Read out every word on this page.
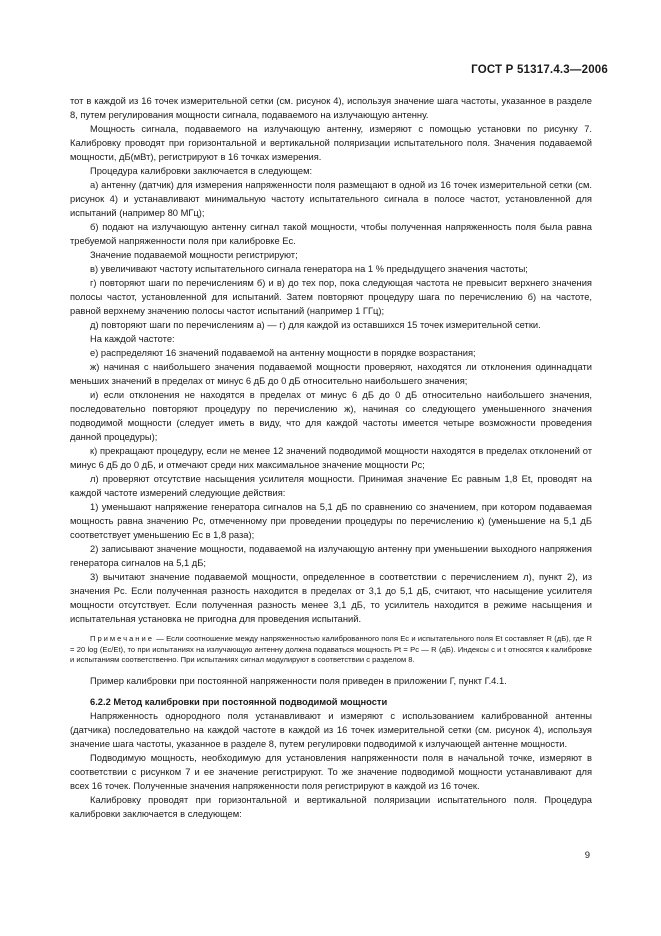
ГОСТ Р 51317.4.3—2006

тот в каждой из 16 точек измерительной сетки (см. рисунок 4), используя значение шага частоты, указанное в разделе 8, путем регулирования мощности сигнала, подаваемого на излучающую антенну.

Мощность сигнала, подаваемого на излучающую антенну, измеряют с помощью установки по рисунку 7. Калибровку проводят при горизонтальной и вертикальной поляризации испытательного поля. Значения подаваемой мощности, дБ(мВт), регистрируют в 16 точках измерения.

Процедура калибровки заключается в следующем:

а) антенну (датчик) для измерения напряженности поля размещают в одной из 16 точек измерительной сетки (см. рисунок 4) и устанавливают минимальную частоту испытательного сигнала в полосе частот, установленной для испытаний (например 80 МГц);

б) подают на излучающую антенну сигнал такой мощности, чтобы полученная напряженность поля была равна требуемой напряженности поля при калибровке Eс.

Значение подаваемой мощности регистрируют;

в) увеличивают частоту испытательного сигнала генератора на 1 % предыдущего значения частоты;

г) повторяют шаги по перечислениям б) и в) до тех пор, пока следующая частота не превысит верхнего значения полосы частот, установленной для испытаний. Затем повторяют процедуру шага по перечислению б) на частоте, равной верхнему значению полосы частот испытаний (например 1 ГГц);

д) повторяют шаги по перечислениям а) — г) для каждой из оставшихся 15 точек измерительной сетки.

На каждой частоте:

е) распределяют 16 значений подаваемой на антенну мощности в порядке возрастания;

ж) начиная с наибольшего значения подаваемой мощности проверяют, находятся ли отклонения одиннадцати меньших значений в пределах от минус 6 дБ до 0 дБ относительно наибольшего значения;

и) если отклонения не находятся в пределах от минус 6 дБ до 0 дБ относительно наибольшего значения, последовательно повторяют процедуру по перечислению ж), начиная со следующего уменьшенного значения подводимой мощности (следует иметь в виду, что для каждой частоты имеется четыре возможности проведения данной процедуры);

к) прекращают процедуру, если не менее 12 значений подводимой мощности находятся в пределах отклонений от минус 6 дБ до 0 дБ, и отмечают среди них максимальное значение мощности Pс;

л) проверяют отсутствие насыщения усилителя мощности. Принимая значение Eс равным 1,8 Et, проводят на каждой частоте измерений следующие действия:

1) уменьшают напряжение генератора сигналов на 5,1 дБ по сравнению со значением, при котором подаваемая мощность равна значению Pс, отмеченному при проведении процедуры по перечислению к) (уменьшение на 5,1 дБ соответствует уменьшению Eс в 1,8 раза);

2) записывают значение мощности, подаваемой на излучающую антенну при уменьшении выходного напряжения генератора сигналов на 5,1 дБ;

3) вычитают значение подаваемой мощности, определенное в соответствии с перечислением л), пункт 2), из значения Pс. Если полученная разность находится в пределах от 3,1 до 5,1 дБ, считают, что насыщение усилителя мощности отсутствует. Если полученная разность менее 3,1 дБ, то усилитель находится в режиме насыщения и испытательная установка не пригодна для проведения испытаний.

Примечание — Если соотношение между напряженностью калиброванного поля Eс и испытательного поля Et составляет R (дБ), где R = 20 log (Eс/Et), то при испытаниях на излучающую антенну должна подаваться мощность Pt = Pс — R (дБ). Индексы c и t относятся к калибровке и испытаниям соответственно. При испытаниях сигнал модулируют в соответствии с разделом 8.

Пример калибровки при постоянной напряженности поля приведен в приложении Г, пункт Г.4.1.

6.2.2 Метод калибровки при постоянной подводимой мощности

Напряженность однородного поля устанавливают и измеряют с использованием калиброванной антенны (датчика) последовательно на каждой частоте в каждой из 16 точек измерительной сетки (см. рисунок 4), используя значение шага частоты, указанное в разделе 8, путем регулировки подводимой к излучающей антенне мощности.

Подводимую мощность, необходимую для установления напряженности поля в начальной точке, измеряют в соответствии с рисунком 7 и ее значение регистрируют. То же значение подводимой мощности устанавливают для всех 16 точек. Полученные значения напряженности поля регистрируют в каждой из 16 точек.

Калибровку проводят при горизонтальной и вертикальной поляризации испытательного поля. Процедура калибровки заключается в следующем:

9
